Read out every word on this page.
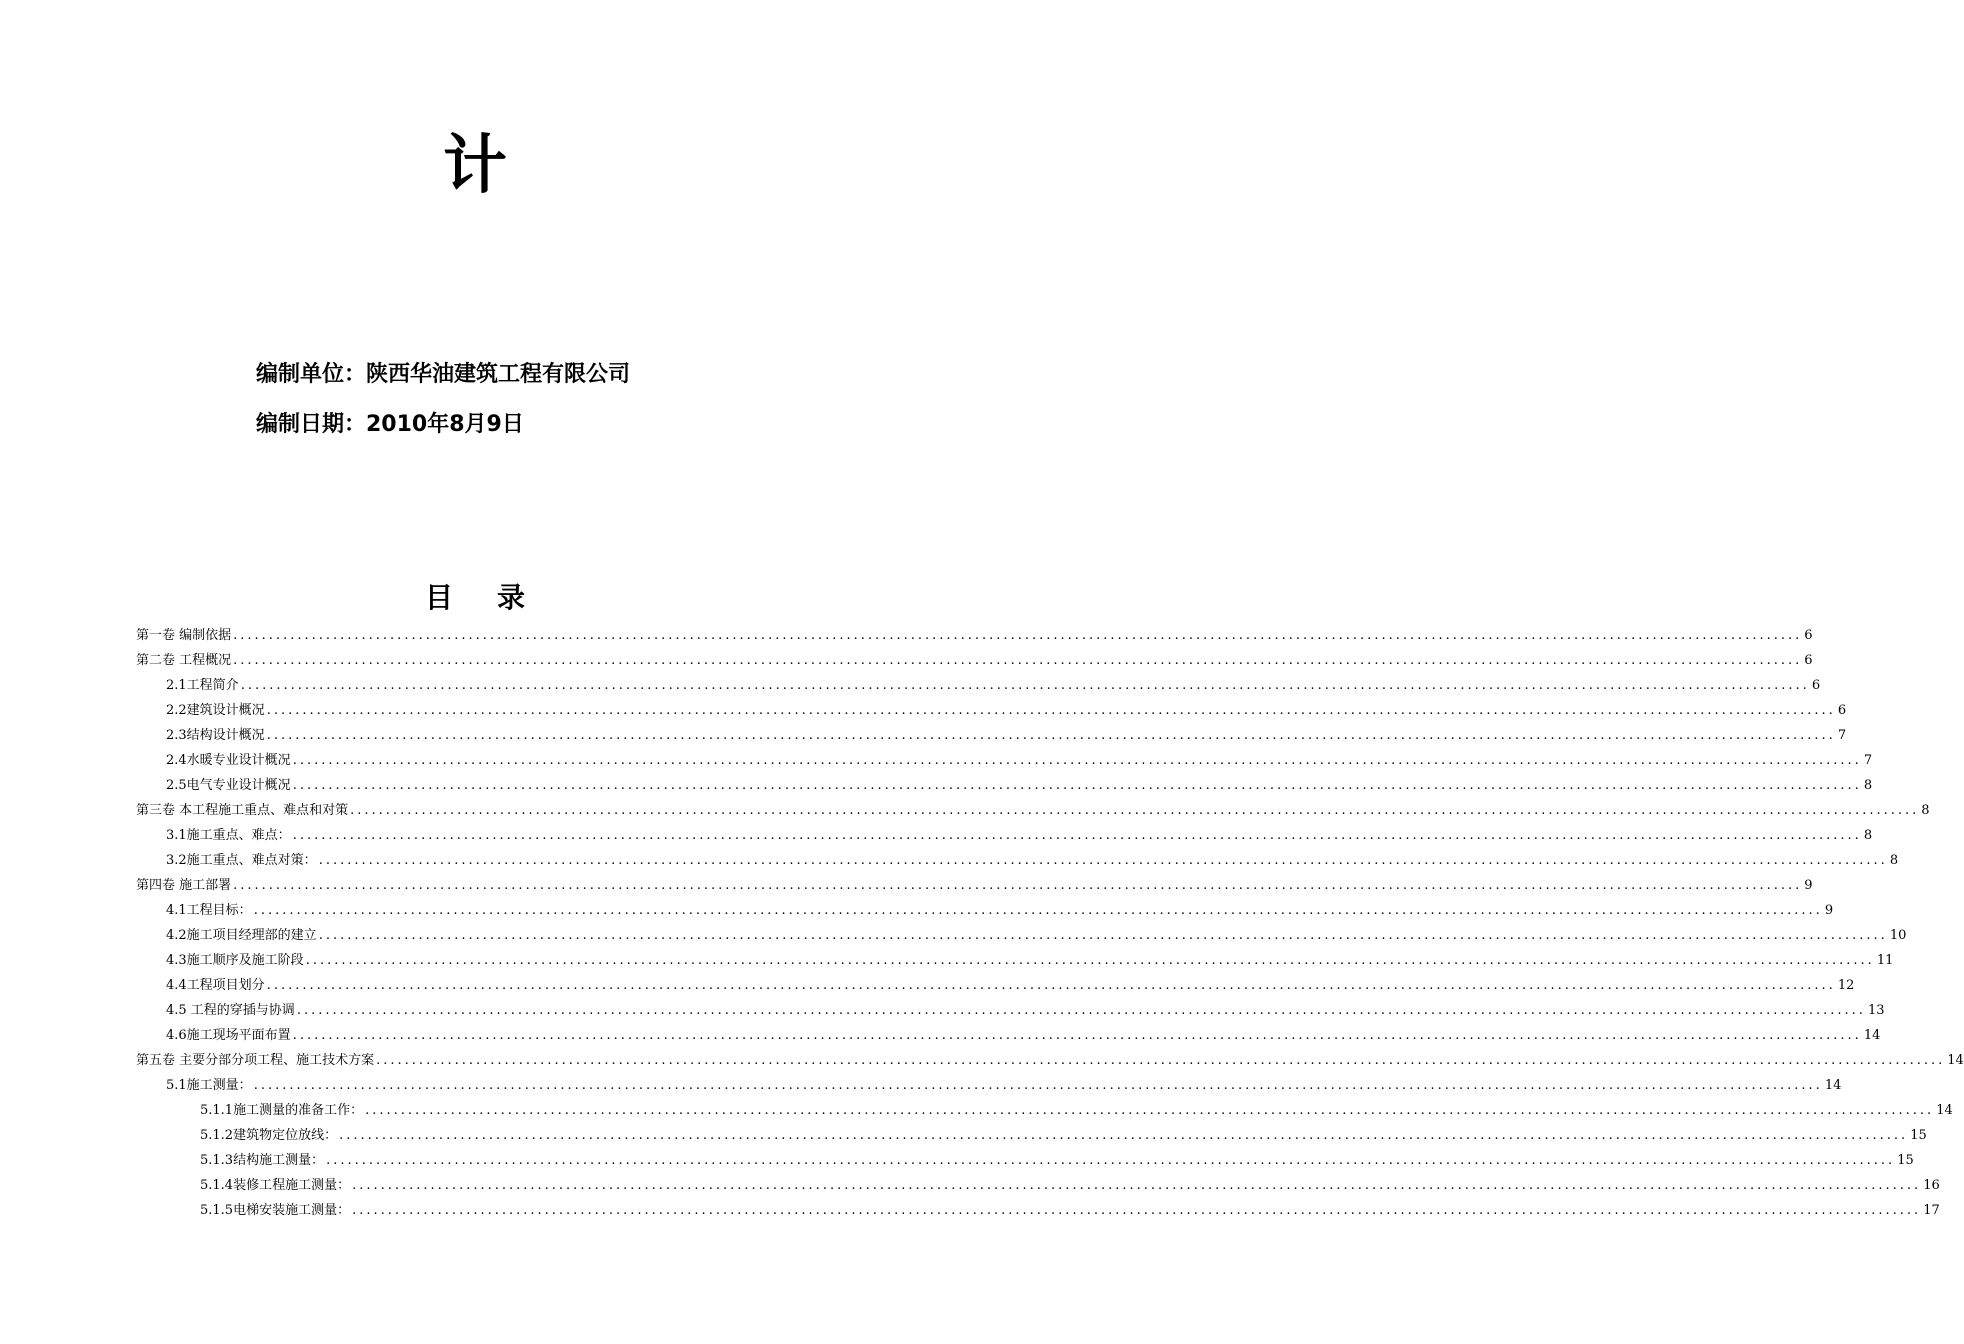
计
编制单位：陕西华油建筑工程有限公司
编制日期：2010年8月9日
目录
第一卷 编制依据 ............................................................................................................................................................................................................................ 6
第二卷 工程概况 ............................................................................................................................................................................................................................ 6
2.1工程简介 ............................................................................................................................................................................................................................ 6
2.2建筑设计概况 ............................................................................................................................................................................................................................ 6
2.3结构设计概况 ............................................................................................................................................................................................................................ 7
2.4水暖专业设计概况 ............................................................................................................................................................................................................................ 7
2.5电气专业设计概况 ............................................................................................................................................................................................................................ 8
第三卷 本工程施工重点、难点和对策 ............................................................................................................................................................................................................................ 8
3.1施工重点、难点： ............................................................................................................................................................................................................................ 8
3.2施工重点、难点对策： ............................................................................................................................................................................................................................ 8
第四卷 施工部署 ............................................................................................................................................................................................................................ 9
4.1工程目标： ............................................................................................................................................................................................................................ 9
4.2施工项目经理部的建立 ............................................................................................................................................................................................................................ 10
4.3施工顺序及施工阶段 ............................................................................................................................................................................................................................ 11
4.4工程项目划分 ............................................................................................................................................................................................................................ 12
4.5 工程的穿插与协调 ............................................................................................................................................................................................................................ 13
4.6施工现场平面布置 ............................................................................................................................................................................................................................ 14
第五卷 主要分部分项工程、施工技术方案 ............................................................................................................................................................................................................................ 14
5.1施工测量： ............................................................................................................................................................................................................................ 14
5.1.1施工测量的准备工作： ............................................................................................................................................................................................................................ 14
5.1.2建筑物定位放线： ............................................................................................................................................................................................................................ 15
5.1.3结构施工测量： ............................................................................................................................................................................................................................ 15
5.1.4装修工程施工测量： ............................................................................................................................................................................................................................ 16
5.1.5电梯安装施工测量： ............................................................................................................................................................................................................................ 17
